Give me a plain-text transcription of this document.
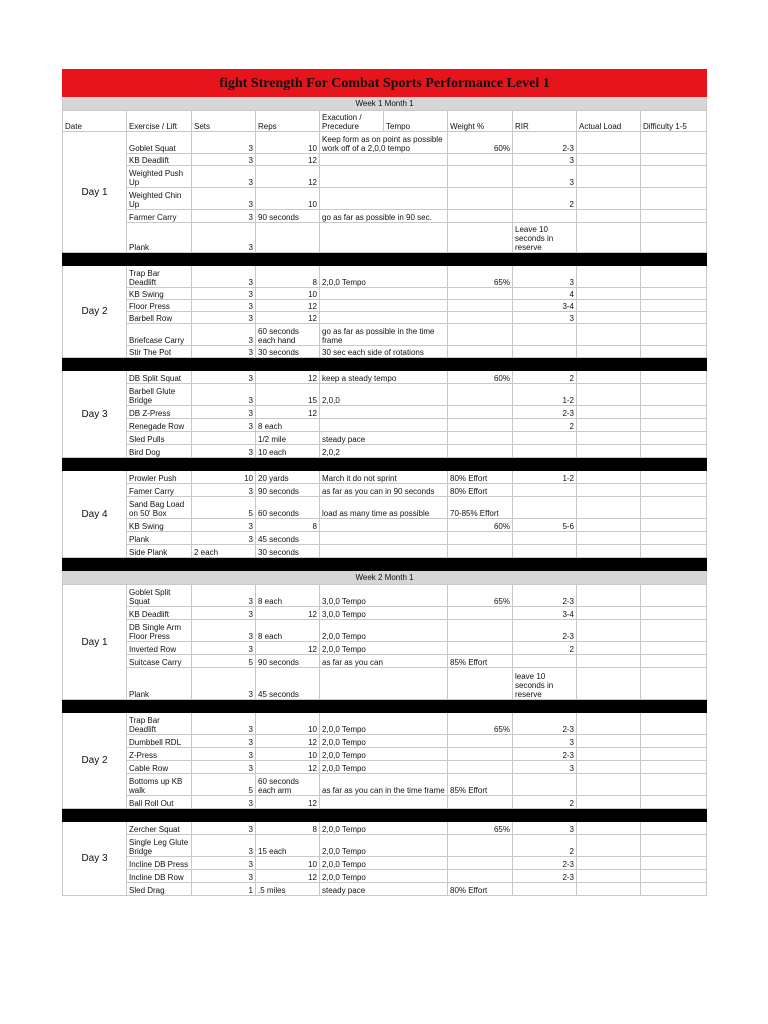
fight Strength For Combat Sports Performance Level 1									
Week 1 Month 1									
Date	Exercise / Lift	Sets	Reps	Exacution / Precedure	Tempo	Weight %	RIR	Actual Load	Difficulty 1-5
Day 1	Goblet Squat	3	10	Keep form as on point as possible work off of a 2,0,0 tempo		60%	2-3		
	KB Deadlift	3	12				3		
	Weighted Push Up	3	12				3		
	Weighted Chin Up	3	10				2		
	Farmer Carry	3	90 seconds	go as far as possible in 90 sec.					
	Plank	3					Leave 10 seconds in reserve		

Day 2	Trap Bar Deadlift	3	8	2,0,0 Tempo		65%	3		
	KB Swing	3	10				4		
	Floor Press	3	12				3-4		
	Barbell Row	3	12				3		
	Briefcase Carry	3	60 seconds each hand	go as far as possible in the time frame					
	Stir The Pot	3	30 seconds	30 sec each side of rotations					

Day 3	DB Split Squat	3	12	keep a steady tempo		60%	2		
	Barbell Glute Bridge	3	15	2,0,0			1-2		
	DB Z-Press	3	12				2-3		
	Renegade Row	3	8 each				2		
	Sled Pulls		1/2 mile	steady pace					
	Bird Dog	3	10 each	2,0,2					

Day 4	Prowler Push	10	20 yards	March it do not sprint		80% Effort	1-2		
	Famer Carry	3	90 seconds	as far as you can in 90 seconds		80% Effort			
	Sand Bag Load on 50' Box	5	60 seconds	load as many time as possible		70-85% Effort			
	KB Swing	3	8			60%	5-6		
	Plank	3	45 seconds						
	Side Plank	2 each	30 seconds						

Week 2 Month 1									
Day 1	Goblet Split Squat	3	8 each	3,0,0 Tempo		65%	2-3		
	KB Deadlift	3	12	3,0,0 Tempo			3-4		
	DB Single Arm Floor Press	3	8 each	2,0,0 Tempo			2-3		
	Inverted Row	3	12	2,0,0 Tempo			2		
	Suitcase Carry	5	90 seconds	as far as you can		85% Effort			
	Plank	3	45 seconds				leave 10 seconds in reserve		

Day 2	Trap Bar Deadlift	3	10	2,0,0 Tempo		65%	2-3		
	Dumbbell RDL	3	12	2,0,0 Tempo			3		
	Z-Press	3	10	2,0,0 Tempo			2-3		
	Cable Row	3	12	2,0,0 Tempo			3		
	Bottoms up KB walk	5	60 seconds each arm	as far as you can in the time frame		85% Effort			
	Ball Roll Out	3	12				2		

Day 3	Zercher Squat	3	8	2,0,0 Tempo		65%	3		
	Single Leg Glute Bridge	3	15 each	2,0,0 Tempo			2		
	Incline DB Press	3	10	2,0,0 Tempo			2-3		
	Incline DB Row	3	12	2,0,0 Tempo			2-3		
	Sled Drag	1	.5 miles	steady pace		80% Effort			
